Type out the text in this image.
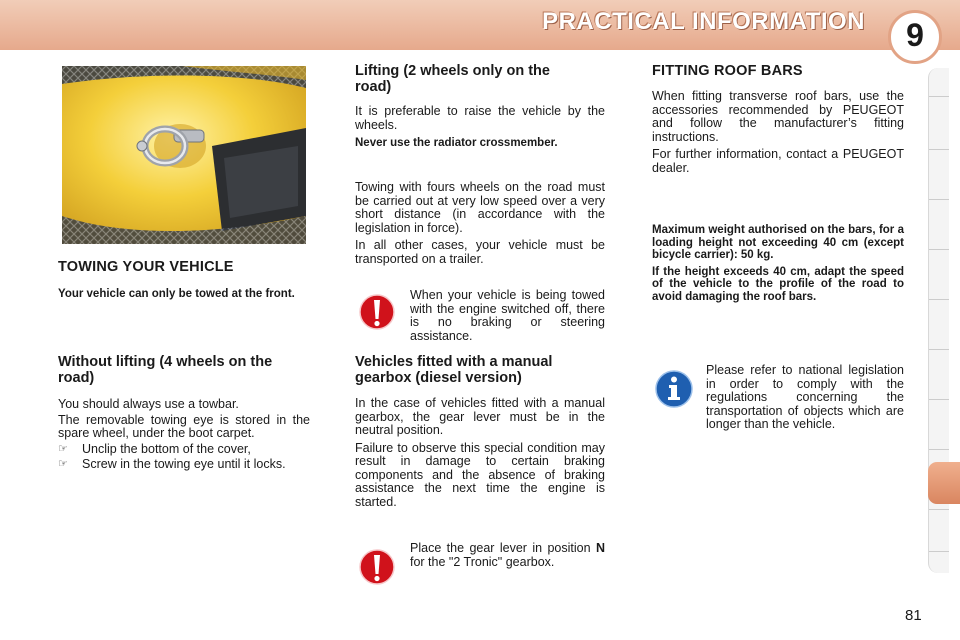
PRACTICAL INFORMATION	9

TOWING YOUR VEHICLE

Your vehicle can only be towed at the front.

Without lifting (4 wheels on the road)

You should always use a towbar.

The removable towing eye is stored in the spare wheel, under the boot carpet.

☞ Unclip the bottom of the cover,

☞ Screw in the towing eye until it locks.

Lifting (2 wheels only on the road)

It is preferable to raise the vehicle by the wheels.

Never use the radiator crossmember.

Towing with fours wheels on the road must be carried out at very low speed over a very short distance (in accordance with the legislation in force).

In all other cases, your vehicle must be transported on a trailer.

When your vehicle is being towed with the engine switched off, there is no braking or steering assistance.

Vehicles fitted with a manual gearbox (diesel version)

In the case of vehicles fitted with a manual gearbox, the gear lever must be in the neutral position.

Failure to observe this special condition may result in damage to certain braking components and the absence of braking assistance the next time the engine is started.

Place the gear lever in position N for the "2 Tronic" gearbox.

FITTING ROOF BARS

When fitting transverse roof bars, use the accessories recommended by PEUGEOT and follow the manufacturer’s fitting instructions.

For further information, contact a PEUGEOT dealer.

Maximum weight authorised on the bars, for a loading height not exceeding 40 cm (except bicycle carrier): 50 kg.

If the height exceeds 40 cm, adapt the speed of the vehicle to the profile of the road to avoid damaging the roof bars.

Please refer to national legislation in order to comply with the regulations concerning the transportation of objects which are longer than the vehicle.

81
